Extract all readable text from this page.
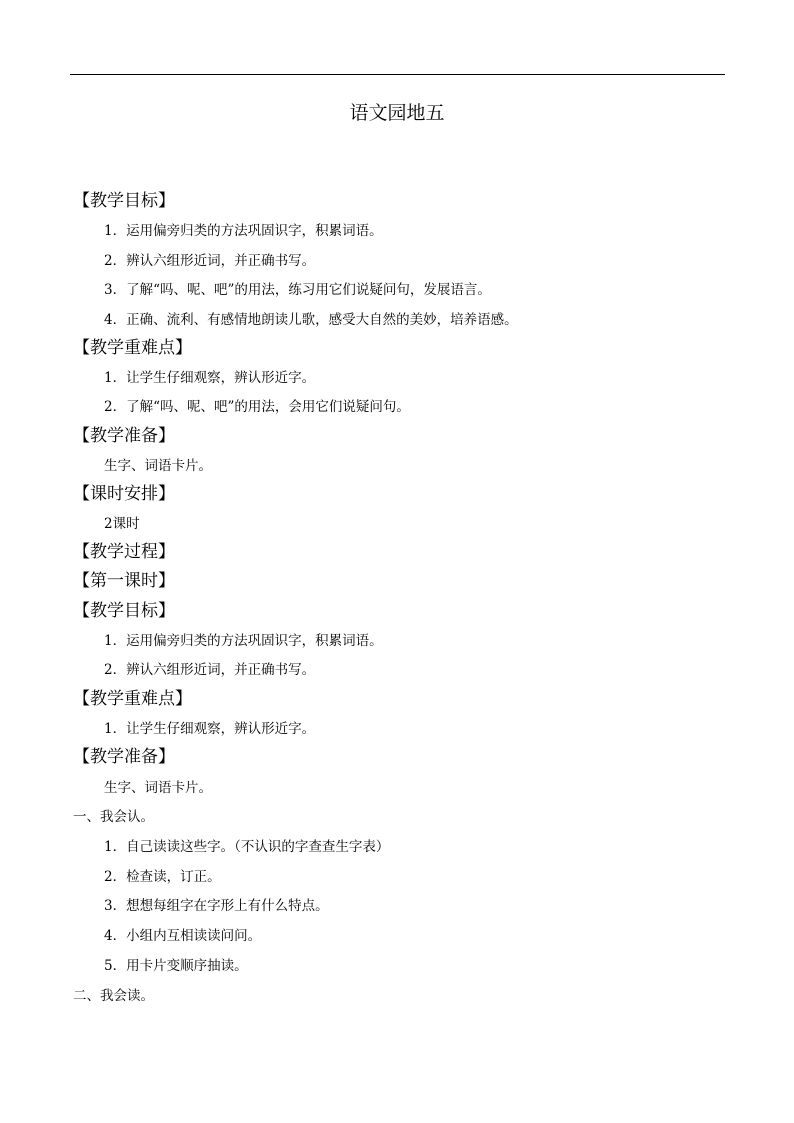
语文园地五
【教学目标】
1．运用偏旁归类的方法巩固识字，积累词语。
2．辨认六组形近词，并正确书写。
3．了解“吗、呢、吧”的用法，练习用它们说疑问句，发展语言。
4．正确、流利、有感情地朗读儿歌，感受大自然的美妙，培养语感。
【教学重难点】
1．让学生仔细观察，辨认形近字。
2．了解“吗、呢、吧”的用法，会用它们说疑问句。
【教学准备】
生字、词语卡片。
【课时安排】
2课时
【教学过程】
【第一课时】
【教学目标】
1．运用偏旁归类的方法巩固识字，积累词语。
2．辨认六组形近词，并正确书写。
【教学重难点】
1．让学生仔细观察，辨认形近字。
【教学准备】
生字、词语卡片。
一、我会认。
1．自己读读这些字。（不认识的字查查生字表）
2．检查读，订正。
3．想想每组字在字形上有什么特点。
4．小组内互相读读问问。
5．用卡片变顺序抽读。
二、我会读。
